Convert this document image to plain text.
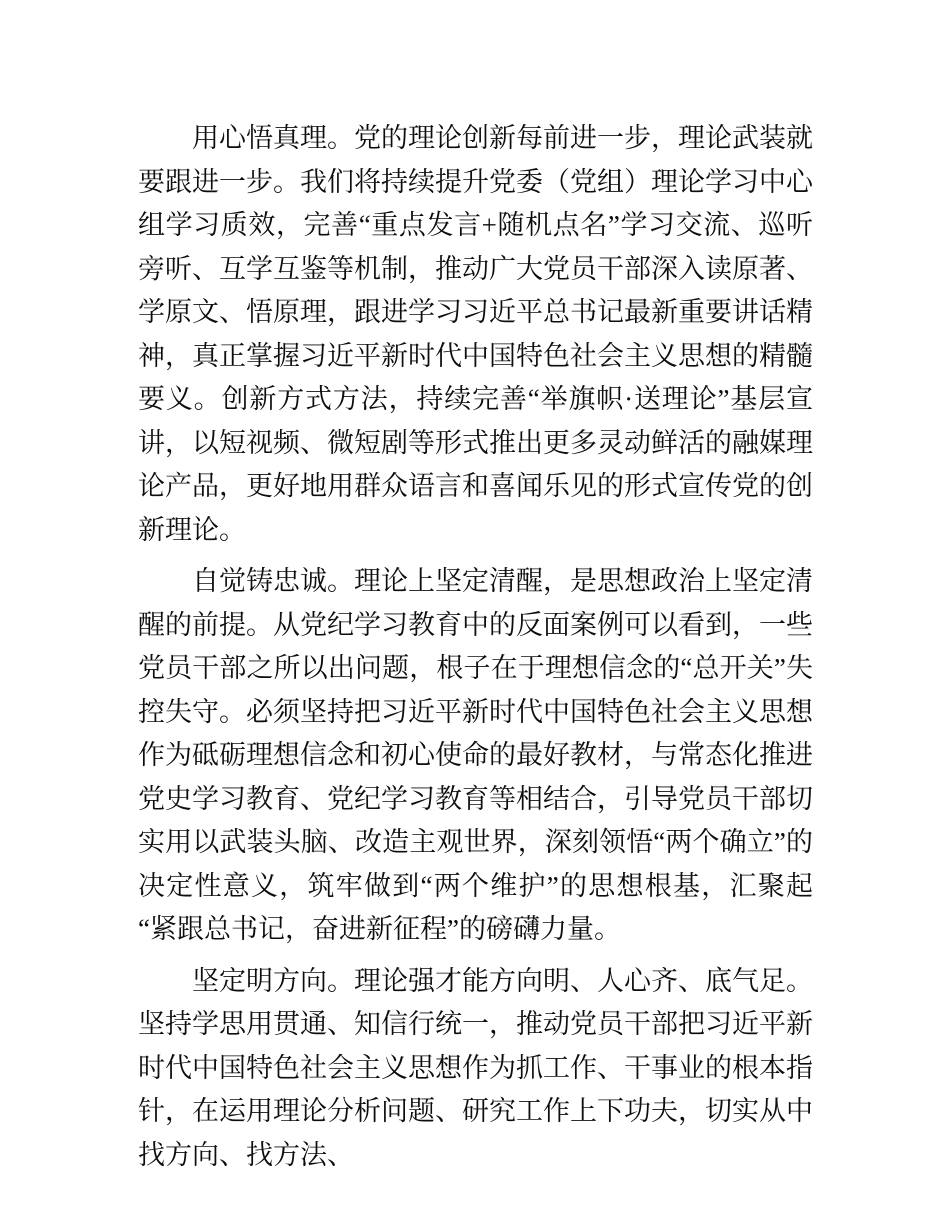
用心悟真理。党的理论创新每前进一步，理论武装就要跟进一步。我们将持续提升党委（党组）理论学习中心组学习质效，完善“重点发言+随机点名”学习交流、巡听旁听、互学互鉴等机制，推动广大党员干部深入读原著、学原文、悟原理，跟进学习习近平总书记最新重要讲话精神，真正掌握习近平新时代中国特色社会主义思想的精髓要义。创新方式方法，持续完善“举旗帜·送理论”基层宣讲，以短视频、微短剧等形式推出更多灵动鲜活的融媒理论产品，更好地用群众语言和喜闻乐见的形式宣传党的创新理论。

自觉铸忠诚。理论上坚定清醒，是思想政治上坚定清醒的前提。从党纪学习教育中的反面案例可以看到，一些党员干部之所以出问题，根子在于理想信念的“总开关”失控失守。必须坚持把习近平新时代中国特色社会主义思想作为砥砺理想信念和初心使命的最好教材，与常态化推进党史学习教育、党纪学习教育等相结合，引导党员干部切实用以武装头脑、改造主观世界，深刻领悟“两个确立”的决定性意义，筑牢做到“两个维护”的思想根基，汇聚起“紧跟总书记，奋进新征程”的磅礴力量。

坚定明方向。理论强才能方向明、人心齐、底气足。坚持学思用贯通、知信行统一，推动党员干部把习近平新时代中国特色社会主义思想作为抓工作、干事业的根本指针，在运用理论分析问题、研究工作上下功夫，切实从中找方向、找方法、
